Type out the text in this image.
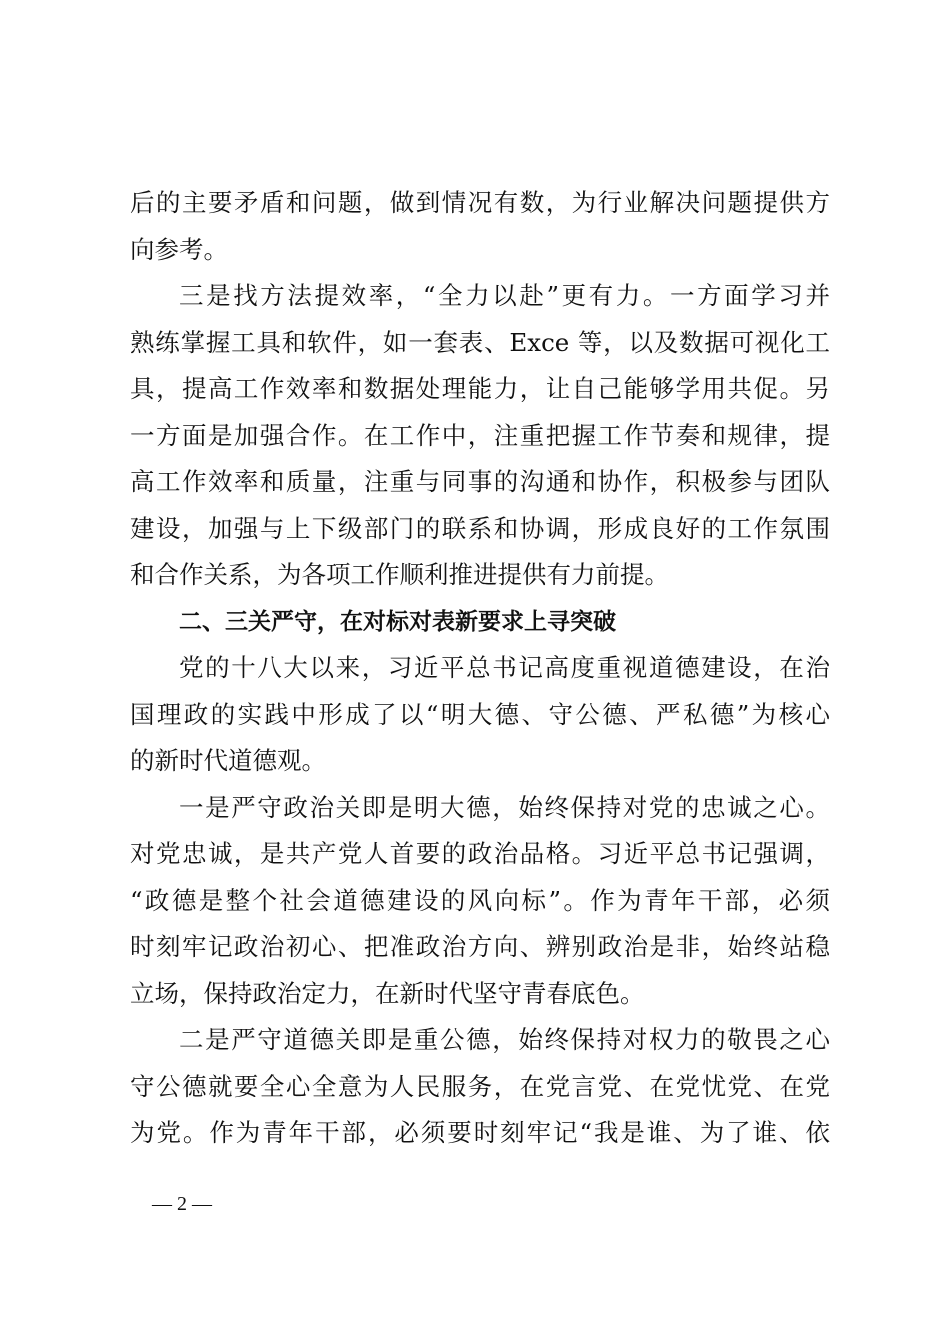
后的主要矛盾和问题，做到情况有数，为行业解决问题提供方
向参考。
三是找方法提效率，“全力以赴”更有力。一方面学习并
熟练掌握工具和软件，如一套表、Exce 等，以及数据可视化工
具，提高工作效率和数据处理能力，让自己能够学用共促。另
一方面是加强合作。在工作中，注重把握工作节奏和规律，提
高工作效率和质量，注重与同事的沟通和协作，积极参与团队
建设，加强与上下级部门的联系和协调，形成良好的工作氛围
和合作关系，为各项工作顺利推进提供有力前提。
二、三关严守，在对标对表新要求上寻突破
党的十八大以来，习近平总书记高度重视道德建设，在治
国理政的实践中形成了以“明大德、守公德、严私德”为核心
的新时代道德观。
一是严守政治关即是明大德，始终保持对党的忠诚之心。
对党忠诚，是共产党人首要的政治品格。习近平总书记强调，
“政德是整个社会道德建设的风向标”。作为青年干部，必须
时刻牢记政治初心、把准政治方向、辨别政治是非，始终站稳
立场，保持政治定力，在新时代坚守青春底色。
二是严守道德关即是重公德，始终保持对权力的敬畏之心
守公德就要全心全意为人民服务，在党言党、在党忧党、在党
为党。作为青年干部，必须要时刻牢记“我是谁、为了谁、依
— 2 —
